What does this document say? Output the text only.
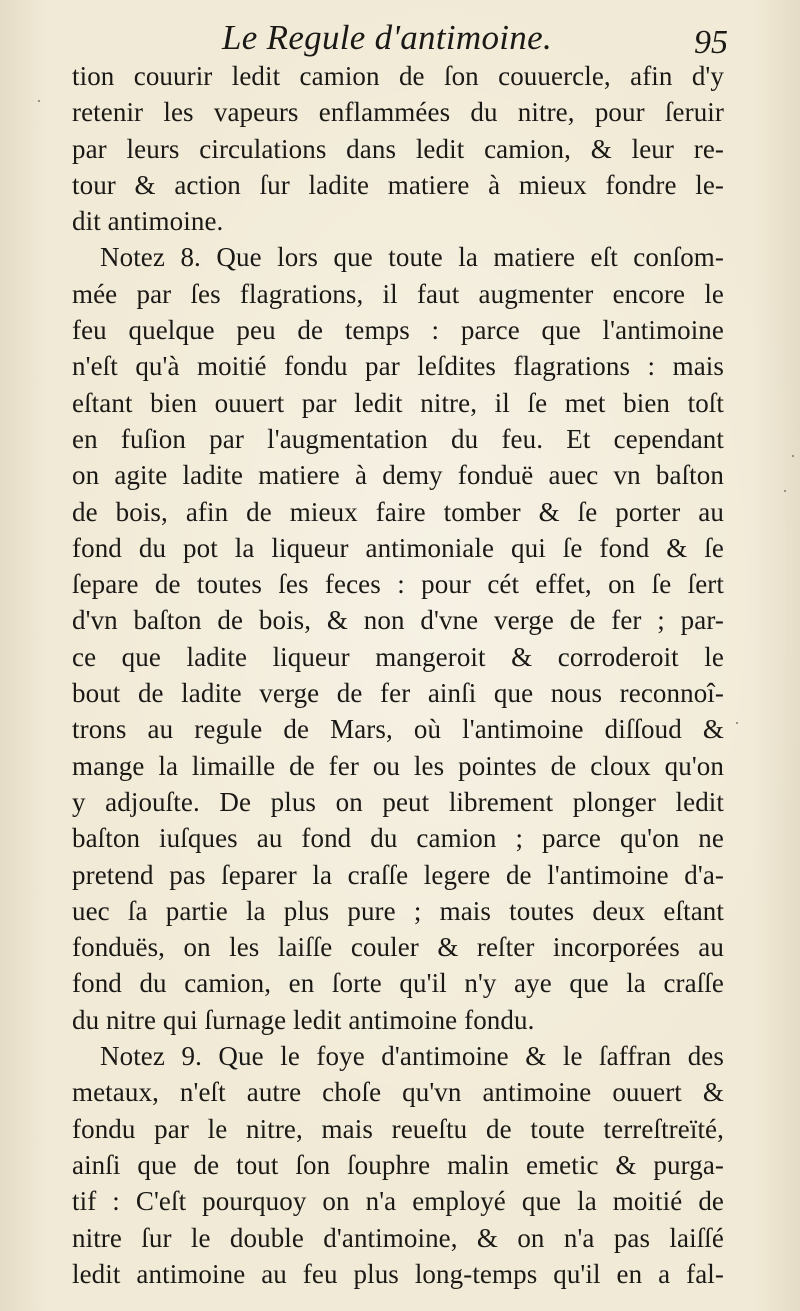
Le Regule d'antimoine.	95
tion couurir ledit camion de ſon couuercle, afin d'y
retenir les vapeurs enflammées du nitre, pour ſeruir
par leurs circulations dans ledit camion, & leur re-
tour & action ſur ladite matiere à mieux fondre le-
dit antimoine.
Notez 8. Que lors que toute la matiere eſt conſom-
mée par ſes flagrations, il faut augmenter encore le
feu quelque peu de temps : parce que l'antimoine
n'eſt qu'à moitié fondu par leſdites flagrations : mais
eſtant bien ouuert par ledit nitre, il ſe met bien toſt
en fuſion par l'augmentation du feu. Et cependant
on agite ladite matiere à demy fonduë auec vn baſton
de bois, afin de mieux faire tomber & ſe porter au
fond du pot la liqueur antimoniale qui ſe fond & ſe
ſepare de toutes ſes feces : pour cét effet, on ſe ſert
d'vn baſton de bois, & non d'vne verge de fer ; par-
ce que ladite liqueur mangeroit & corroderoit le
bout de ladite verge de fer ainſi que nous reconnoî-
trons au regule de Mars, où l'antimoine diſſoud &
mange la limaille de fer ou les pointes de cloux qu'on
y adjouſte. De plus on peut librement plonger ledit
baſton iuſques au fond du camion ; parce qu'on ne
pretend pas ſeparer la craſſe legere de l'antimoine d'a-
uec ſa partie la plus pure ; mais toutes deux eſtant
fonduës, on les laiſſe couler & reſter incorporées au
fond du camion, en ſorte qu'il n'y aye que la craſſe
du nitre qui ſurnage ledit antimoine fondu.
Notez 9. Que le foye d'antimoine & le ſaffran des
metaux, n'eſt autre choſe qu'vn antimoine ouuert &
fondu par le nitre, mais reueſtu de toute terreſtreïté,
ainſi que de tout ſon ſouphre malin emetic & purga-
tif : C'eſt pourquoy on n'a employé que la moitié de
nitre ſur le double d'antimoine, & on n'a pas laiſſé
ledit antimoine au feu plus long-temps qu'il en a fal-
